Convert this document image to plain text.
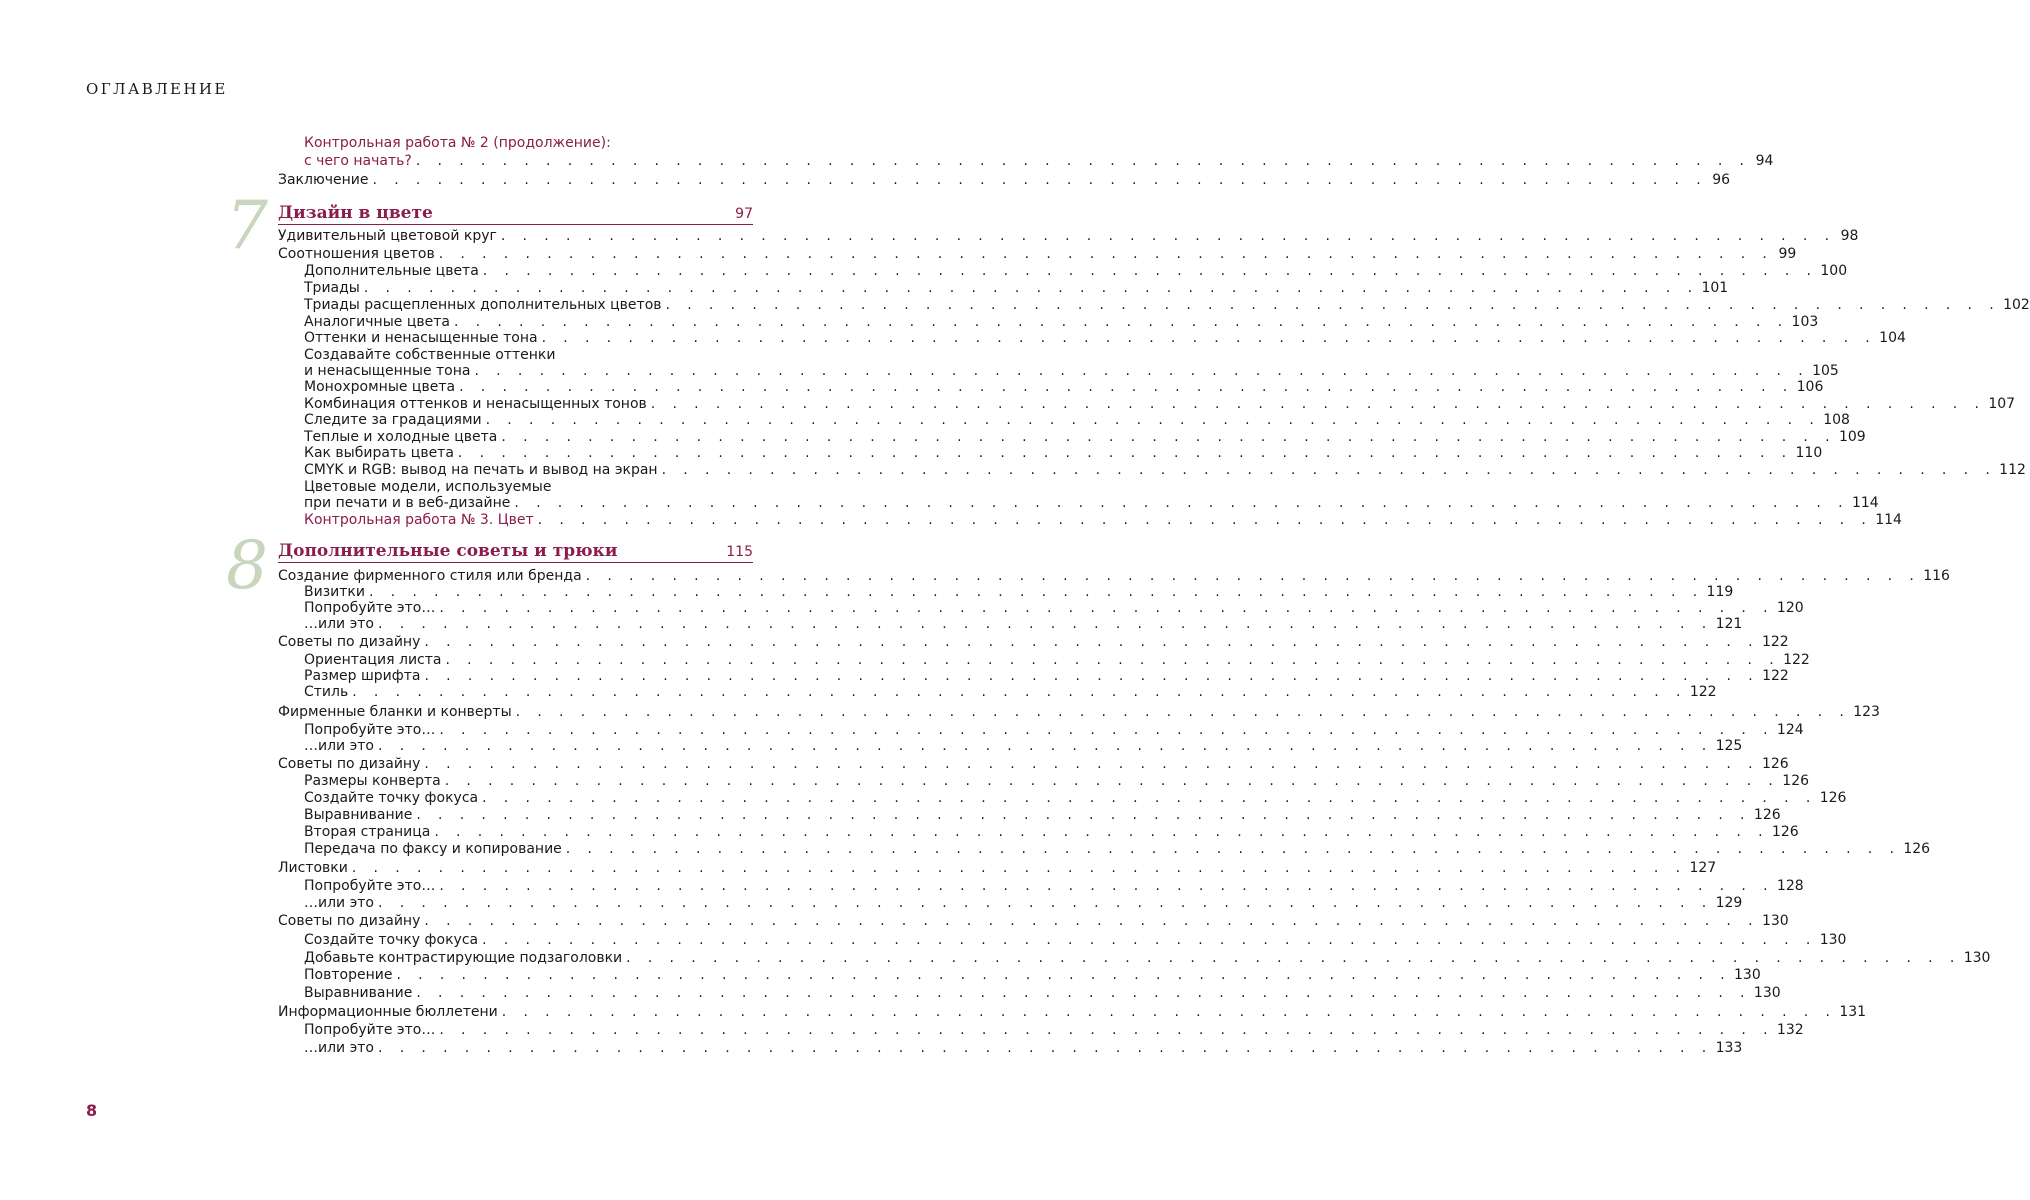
ОГЛАВЛЕНИЕ
Контрольная работа № 2 (продолжение):
с чего начать? . . . . . . . . . . . . . . . . . . . . . . . . . . . . . . . . . . . . . . . . . . . . . . . . . . . . . . . . . . . . . . 94
Заключение . . . . . . . . . . . . . . . . . . . . . . . . . . . . . . . . . . . . . . . . . . . . . . . . . . . . . . . . . . . . . . 96
7 Дизайн в цвете	97
Удивительный цветовой круг . . . . . . . . . . . . . . . . . . . . . . . . . . . . . . . . . . . . . . . . . . . . . . . . . . . . . . . . . . . . . . 98
Соотношения цветов . . . . . . . . . . . . . . . . . . . . . . . . . . . . . . . . . . . . . . . . . . . . . . . . . . . . . . . . . . . . . . 99
Дополнительные цвета . . . . . . . . . . . . . . . . . . . . . . . . . . . . . . . . . . . . . . . . . . . . . . . . . . . . . . . . . . . . . . 100
Триады . . . . . . . . . . . . . . . . . . . . . . . . . . . . . . . . . . . . . . . . . . . . . . . . . . . . . . . . . . . . . . 101
Триады расщепленных дополнительных цветов . . . . . . . . . . . . . . . . . . . . . . . . . . . . . . . . . . . . . . . . . . . . . . . . . . . . . . . . . . . . . . 102
Аналогичные цвета . . . . . . . . . . . . . . . . . . . . . . . . . . . . . . . . . . . . . . . . . . . . . . . . . . . . . . . . . . . . . . 103
Оттенки и ненасыщенные тона . . . . . . . . . . . . . . . . . . . . . . . . . . . . . . . . . . . . . . . . . . . . . . . . . . . . . . . . . . . . . . 104
Создавайте собственные оттенки
и ненасыщенные тона . . . . . . . . . . . . . . . . . . . . . . . . . . . . . . . . . . . . . . . . . . . . . . . . . . . . . . . . . . . . . . 105
Монохромные цвета . . . . . . . . . . . . . . . . . . . . . . . . . . . . . . . . . . . . . . . . . . . . . . . . . . . . . . . . . . . . . . 106
Комбинация оттенков и ненасыщенных тонов . . . . . . . . . . . . . . . . . . . . . . . . . . . . . . . . . . . . . . . . . . . . . . . . . . . . . . . . . . . . . . 107
Следите за градациями . . . . . . . . . . . . . . . . . . . . . . . . . . . . . . . . . . . . . . . . . . . . . . . . . . . . . . . . . . . . . . 108
Теплые и холодные цвета . . . . . . . . . . . . . . . . . . . . . . . . . . . . . . . . . . . . . . . . . . . . . . . . . . . . . . . . . . . . . . 109
Как выбирать цвета . . . . . . . . . . . . . . . . . . . . . . . . . . . . . . . . . . . . . . . . . . . . . . . . . . . . . . . . . . . . . . 110
CMYK и RGB: вывод на печать и вывод на экран . . . . . . . . . . . . . . . . . . . . . . . . . . . . . . . . . . . . . . . . . . . . . . . . . . . . . . . . . . . . . . 112
Цветовые модели, используемые
при печати и в веб-дизайне . . . . . . . . . . . . . . . . . . . . . . . . . . . . . . . . . . . . . . . . . . . . . . . . . . . . . . . . . . . . . . 114
Контрольная работа № 3. Цвет . . . . . . . . . . . . . . . . . . . . . . . . . . . . . . . . . . . . . . . . . . . . . . . . . . . . . . . . . . . . . . 114
8 Дополнительные советы и трюки	115
Создание фирменного стиля или бренда . . . . . . . . . . . . . . . . . . . . . . . . . . . . . . . . . . . . . . . . . . . . . . . . . . . . . . . . . . . . . . 116
Визитки . . . . . . . . . . . . . . . . . . . . . . . . . . . . . . . . . . . . . . . . . . . . . . . . . . . . . . . . . . . . . . 119
Попробуйте это… . . . . . . . . . . . . . . . . . . . . . . . . . . . . . . . . . . . . . . . . . . . . . . . . . . . . . . . . . . . . . . 120
…или это . . . . . . . . . . . . . . . . . . . . . . . . . . . . . . . . . . . . . . . . . . . . . . . . . . . . . . . . . . . . . . 121
Советы по дизайну . . . . . . . . . . . . . . . . . . . . . . . . . . . . . . . . . . . . . . . . . . . . . . . . . . . . . . . . . . . . . . 122
Ориентация листа . . . . . . . . . . . . . . . . . . . . . . . . . . . . . . . . . . . . . . . . . . . . . . . . . . . . . . . . . . . . . . 122
Размер шрифта . . . . . . . . . . . . . . . . . . . . . . . . . . . . . . . . . . . . . . . . . . . . . . . . . . . . . . . . . . . . . . 122
Стиль . . . . . . . . . . . . . . . . . . . . . . . . . . . . . . . . . . . . . . . . . . . . . . . . . . . . . . . . . . . . . . 122
Фирменные бланки и конверты . . . . . . . . . . . . . . . . . . . . . . . . . . . . . . . . . . . . . . . . . . . . . . . . . . . . . . . . . . . . . . 123
Попробуйте это… . . . . . . . . . . . . . . . . . . . . . . . . . . . . . . . . . . . . . . . . . . . . . . . . . . . . . . . . . . . . . . 124
…или это . . . . . . . . . . . . . . . . . . . . . . . . . . . . . . . . . . . . . . . . . . . . . . . . . . . . . . . . . . . . . . 125
Советы по дизайну . . . . . . . . . . . . . . . . . . . . . . . . . . . . . . . . . . . . . . . . . . . . . . . . . . . . . . . . . . . . . . 126
Размеры конверта . . . . . . . . . . . . . . . . . . . . . . . . . . . . . . . . . . . . . . . . . . . . . . . . . . . . . . . . . . . . . . 126
Создайте точку фокуса . . . . . . . . . . . . . . . . . . . . . . . . . . . . . . . . . . . . . . . . . . . . . . . . . . . . . . . . . . . . . . 126
Выравнивание . . . . . . . . . . . . . . . . . . . . . . . . . . . . . . . . . . . . . . . . . . . . . . . . . . . . . . . . . . . . . . 126
Вторая страница . . . . . . . . . . . . . . . . . . . . . . . . . . . . . . . . . . . . . . . . . . . . . . . . . . . . . . . . . . . . . . 126
Передача по факсу и копирование . . . . . . . . . . . . . . . . . . . . . . . . . . . . . . . . . . . . . . . . . . . . . . . . . . . . . . . . . . . . . . 126
Листовки . . . . . . . . . . . . . . . . . . . . . . . . . . . . . . . . . . . . . . . . . . . . . . . . . . . . . . . . . . . . . . 127
Попробуйте это… . . . . . . . . . . . . . . . . . . . . . . . . . . . . . . . . . . . . . . . . . . . . . . . . . . . . . . . . . . . . . . 128
…или это . . . . . . . . . . . . . . . . . . . . . . . . . . . . . . . . . . . . . . . . . . . . . . . . . . . . . . . . . . . . . . 129
Советы по дизайну . . . . . . . . . . . . . . . . . . . . . . . . . . . . . . . . . . . . . . . . . . . . . . . . . . . . . . . . . . . . . . 130
Создайте точку фокуса . . . . . . . . . . . . . . . . . . . . . . . . . . . . . . . . . . . . . . . . . . . . . . . . . . . . . . . . . . . . . . 130
Добавьте контрастирующие подзаголовки . . . . . . . . . . . . . . . . . . . . . . . . . . . . . . . . . . . . . . . . . . . . . . . . . . . . . . . . . . . . . . 130
Повторение . . . . . . . . . . . . . . . . . . . . . . . . . . . . . . . . . . . . . . . . . . . . . . . . . . . . . . . . . . . . . . 130
Выравнивание . . . . . . . . . . . . . . . . . . . . . . . . . . . . . . . . . . . . . . . . . . . . . . . . . . . . . . . . . . . . . . 130
Информационные бюллетени . . . . . . . . . . . . . . . . . . . . . . . . . . . . . . . . . . . . . . . . . . . . . . . . . . . . . . . . . . . . . . 131
Попробуйте это… . . . . . . . . . . . . . . . . . . . . . . . . . . . . . . . . . . . . . . . . . . . . . . . . . . . . . . . . . . . . . . 132
…или это . . . . . . . . . . . . . . . . . . . . . . . . . . . . . . . . . . . . . . . . . . . . . . . . . . . . . . . . . . . . . . 133
8
